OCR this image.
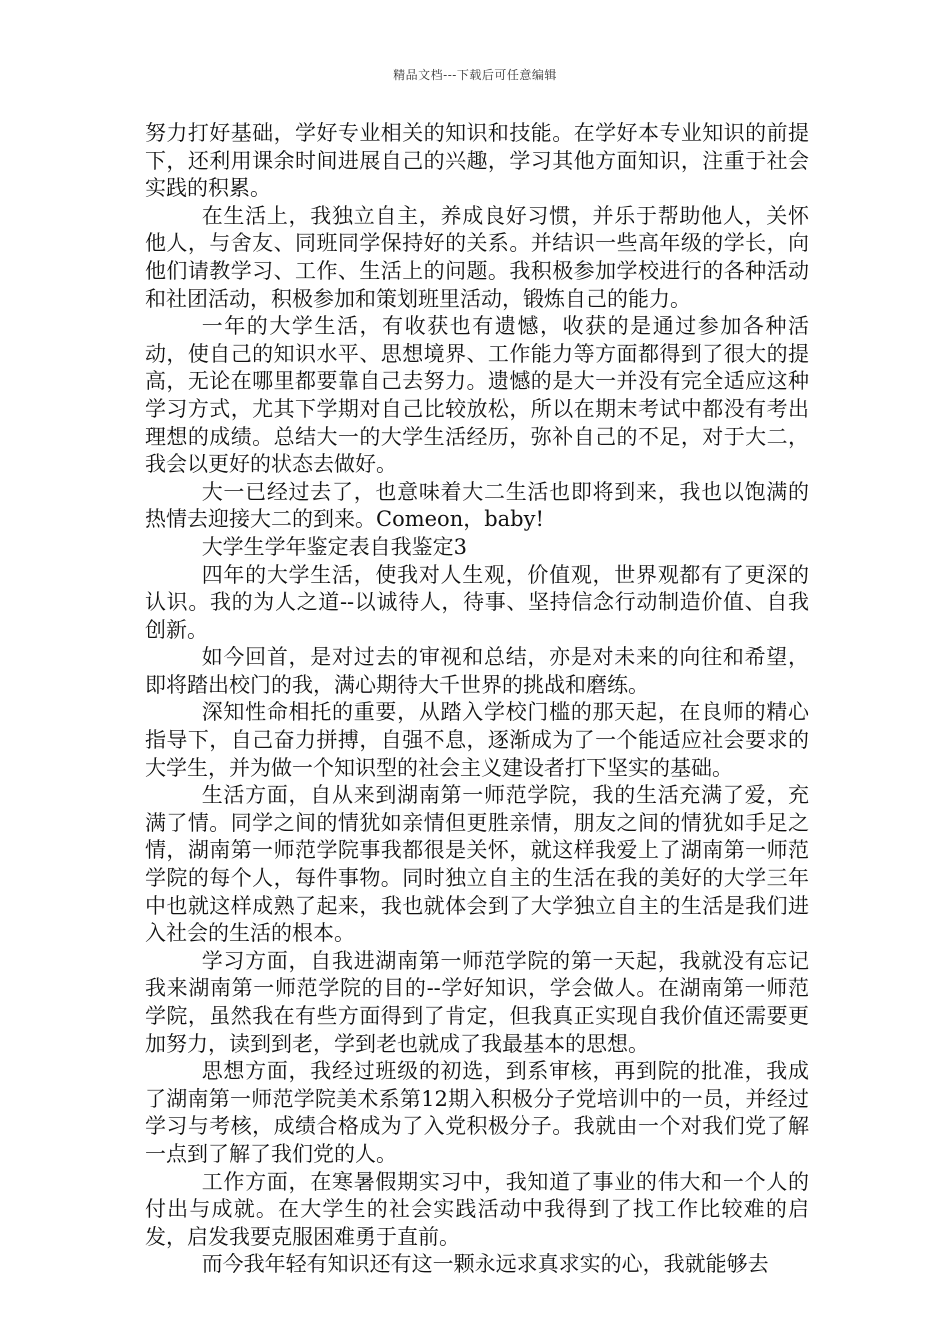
精品文档---下载后可任意编辑

努力打好基础，学好专业相关的知识和技能。在学好本专业知识的前提下，还利用课余时间进展自己的兴趣，学习其他方面知识，注重于社会实践的积累。

在生活上，我独立自主，养成良好习惯，并乐于帮助他人，关怀他人，与舍友、同班同学保持好的关系。并结识一些高年级的学长，向他们请教学习、工作、生活上的问题。我积极参加学校进行的各种活动和社团活动，积极参加和策划班里活动，锻炼自己的能力。

一年的大学生活，有收获也有遗憾，收获的是通过参加各种活动，使自己的知识水平、思想境界、工作能力等方面都得到了很大的提高，无论在哪里都要靠自己去努力。遗憾的是大一并没有完全适应这种学习方式，尤其下学期对自己比较放松，所以在期末考试中都没有考出理想的成绩。总结大一的大学生活经历，弥补自己的不足，对于大二，我会以更好的状态去做好。

大一已经过去了，也意味着大二生活也即将到来，我也以饱满的热情去迎接大二的到来。Comeon，baby!

大学生学年鉴定表自我鉴定3

四年的大学生活，使我对人生观，价值观，世界观都有了更深的认识。我的为人之道--以诚待人，待事、坚持信念行动制造价值、自我创新。

如今回首，是对过去的审视和总结，亦是对未来的向往和希望，即将踏出校门的我，满心期待大千世界的挑战和磨练。

深知性命相托的重要，从踏入学校门槛的那天起，在良师的精心指导下，自己奋力拼搏，自强不息，逐渐成为了一个能适应社会要求的大学生，并为做一个知识型的社会主义建设者打下坚实的基础。

生活方面，自从来到湖南第一师范学院，我的生活充满了爱，充满了情。同学之间的情犹如亲情但更胜亲情，朋友之间的情犹如手足之情，湖南第一师范学院事我都很是关怀，就这样我爱上了湖南第一师范学院的每个人，每件事物。同时独立自主的生活在我的美好的大学三年中也就这样成熟了起来，我也就体会到了大学独立自主的生活是我们进入社会的生活的根本。

学习方面，自我进湖南第一师范学院的第一天起，我就没有忘记我来湖南第一师范学院的目的--学好知识，学会做人。在湖南第一师范学院，虽然我在有些方面得到了肯定，但我真正实现自我价值还需要更加努力，读到到老，学到老也就成了我最基本的思想。

思想方面，我经过班级的初选，到系审核，再到院的批准，我成了湖南第一师范学院美术系第12期入积极分子党培训中的一员，并经过学习与考核，成绩合格成为了入党积极分子。我就由一个对我们党了解一点到了解了我们党的人。

工作方面，在寒暑假期实习中，我知道了事业的伟大和一个人的付出与成就。在大学生的社会实践活动中我得到了找工作比较难的启发，启发我要克服困难勇于直前。

而今我年轻有知识还有这一颗永远求真求实的心，我就能够去
